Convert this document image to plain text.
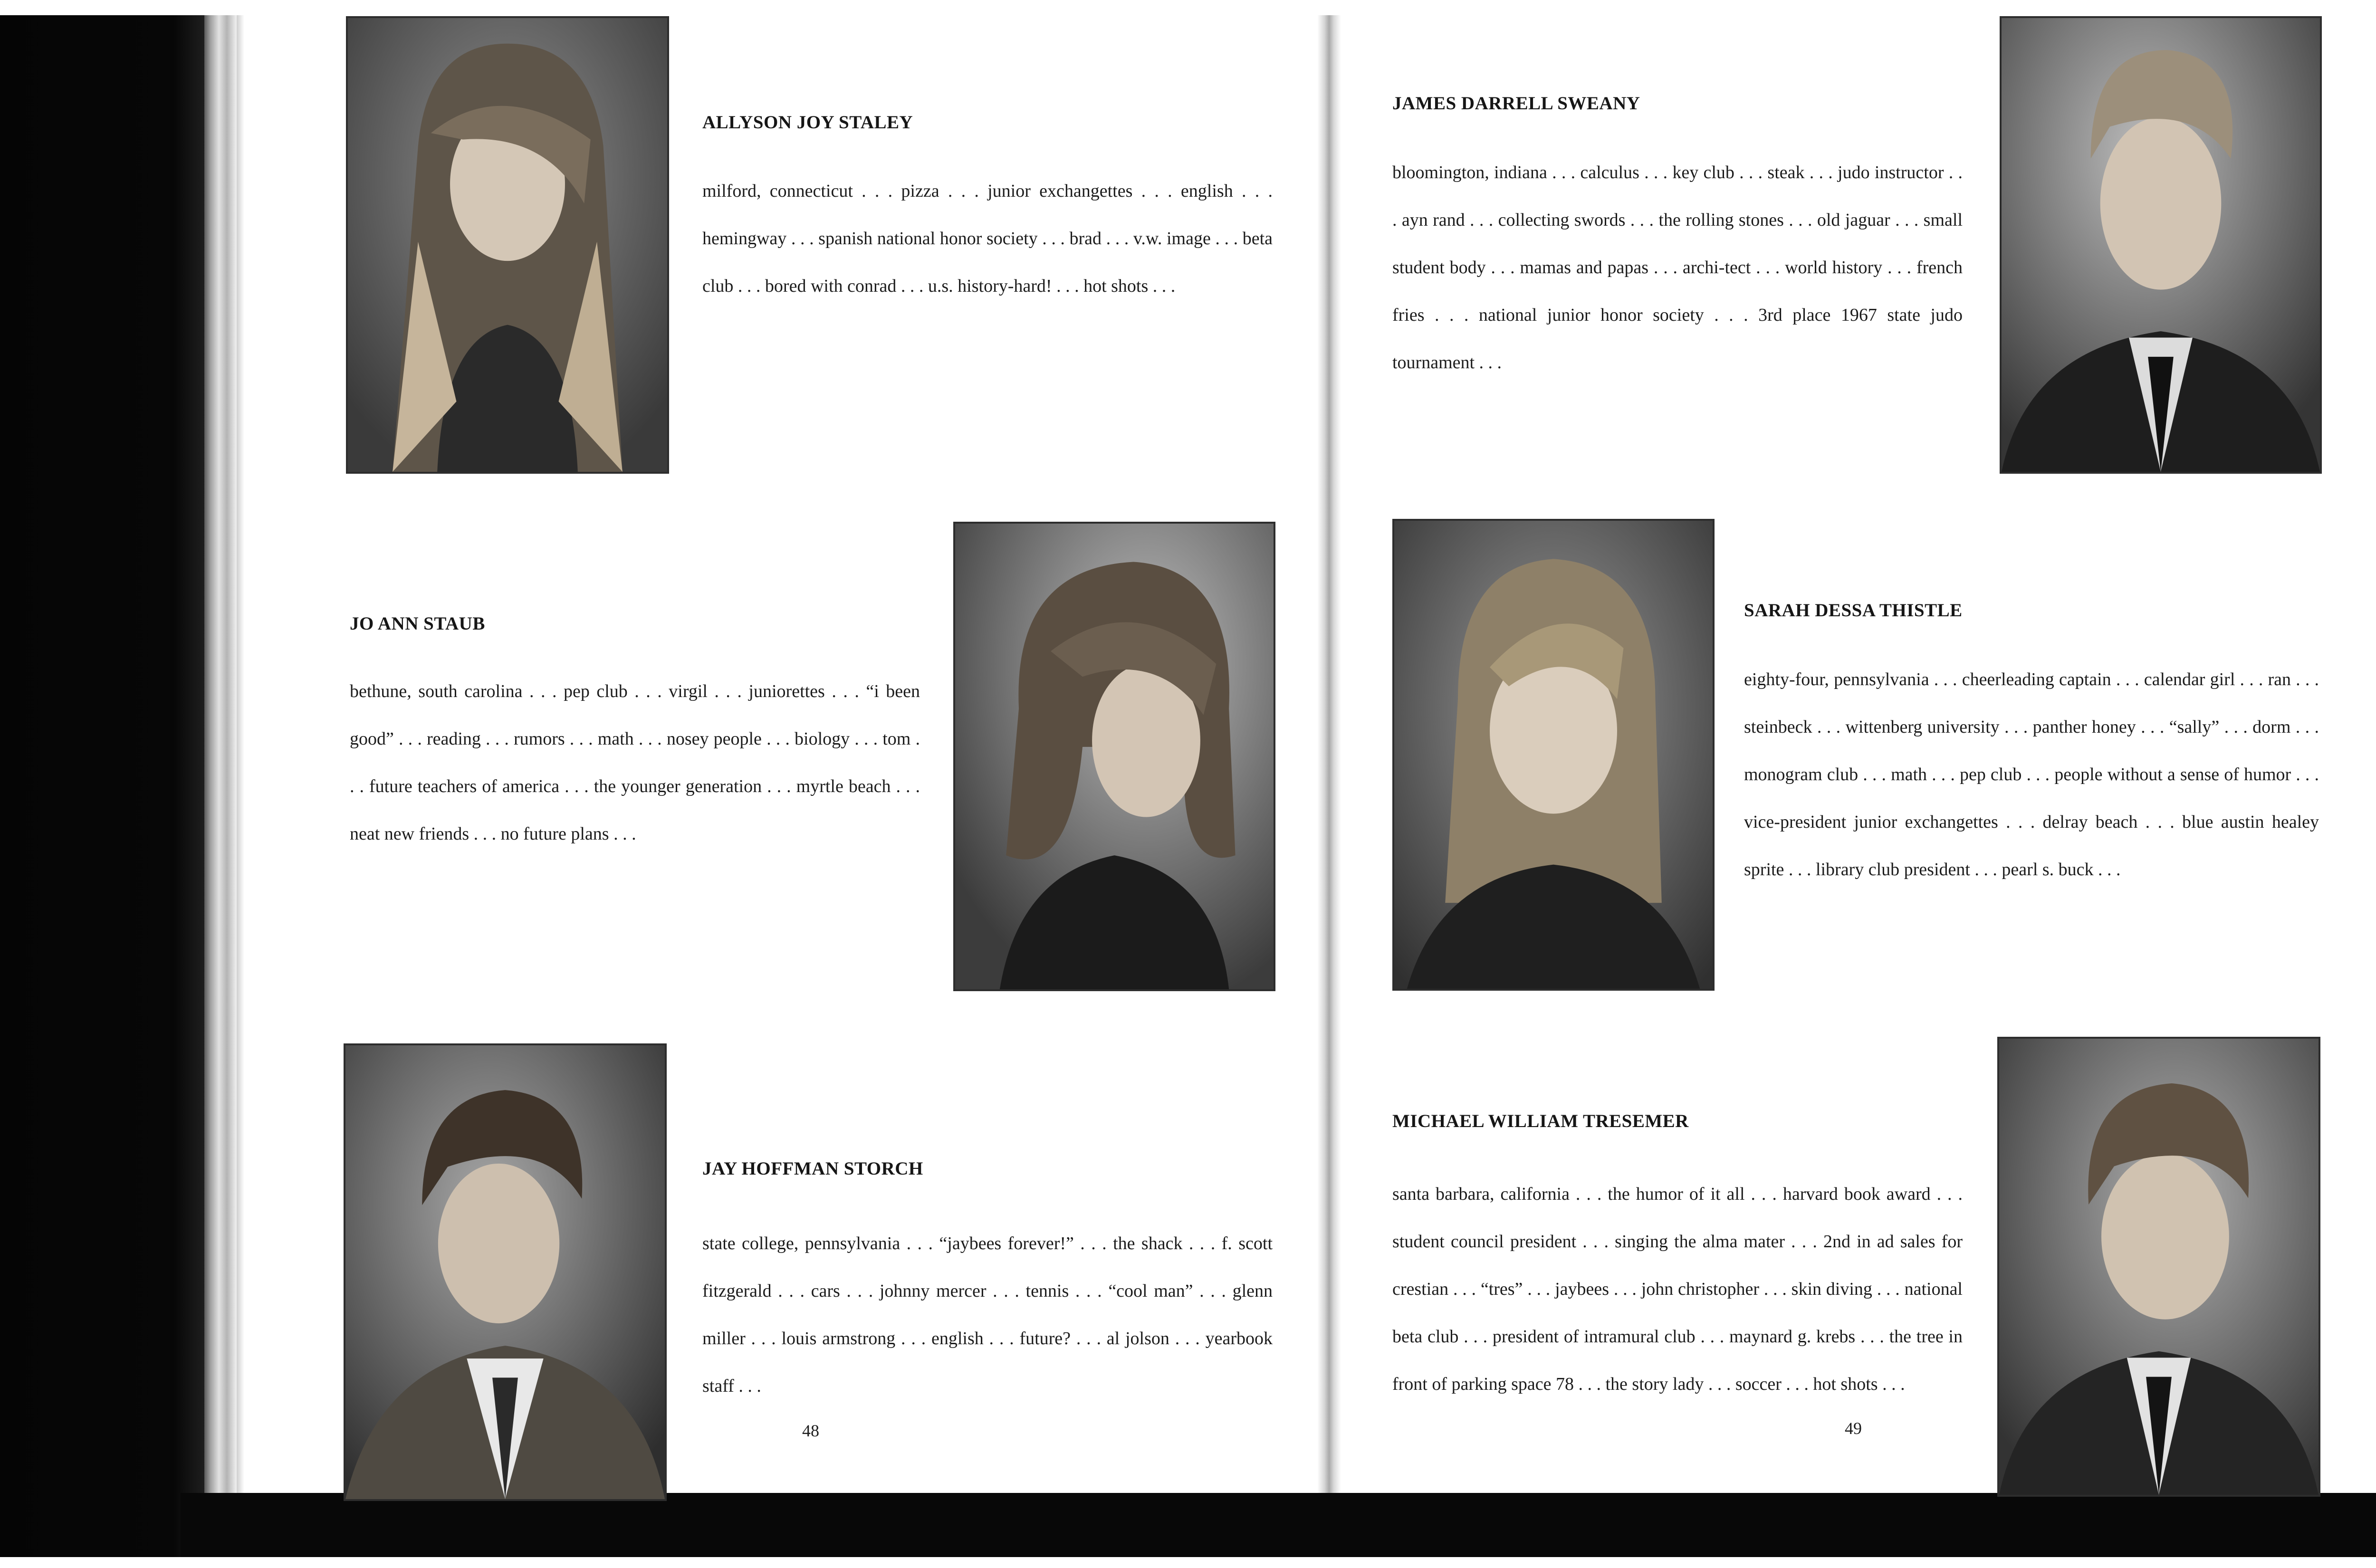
ALLYSON JOY STALEY

milford, connecticut . . . pizza . . . junior exchangettes . . . english . . . hemingway . . . spanish national honor society . . . brad . . . v.w. image . . . beta club . . . bored with conrad . . . u.s. history-hard! . . . hot shots . . .

JO ANN STAUB

bethune, south carolina . . . pep club . . . virgil . . . juniorettes . . . “i been good” . . . reading . . . rumors . . . math . . . nosey people . . . biology . . . tom . . . future teachers of america . . . the younger generation . . . myrtle beach . . . neat new friends . . . no future plans . . .

JAY HOFFMAN STORCH

state college, pennsylvania . . . “jaybees forever!” . . . the shack . . . f. scott fitzgerald . . . cars . . . johnny mercer . . . tennis . . . “cool man” . . . glenn miller . . . louis armstrong . . . english . . . future? . . . al jolson . . . yearbook staff . . .

48
JAMES DARRELL SWEANY

bloomington, indiana . . . calculus . . . key club . . . steak . . . judo instructor . . . ayn rand . . . collecting swords . . . the rolling stones . . . old jaguar . . . small student body . . . mamas and papas . . . archi-tect . . . world history . . . french fries . . . national junior honor society . . . 3rd place 1967 state judo tournament . . .

SARAH DESSA THISTLE

eighty-four, pennsylvania . . . cheerleading captain . . . calendar girl . . . ran . . . steinbeck . . . wittenberg university . . . panther honey . . . “sally” . . . dorm . . . monogram club . . . math . . . pep club . . . people without a sense of humor . . . vice-president junior exchangettes . . . delray beach . . . blue austin healey sprite . . . library club president . . . pearl s. buck . . .

MICHAEL WILLIAM TRESEMER

santa barbara, california . . . the humor of it all . . . harvard book award . . . student council president . . . singing the alma mater . . . 2nd in ad sales for crestian . . . “tres” . . . jaybees . . . john christopher . . . skin diving . . . national beta club . . . president of intramural club . . . maynard g. krebs . . . the tree in front of parking space 78 . . . the story lady . . . soccer . . . hot shots . . .

49
